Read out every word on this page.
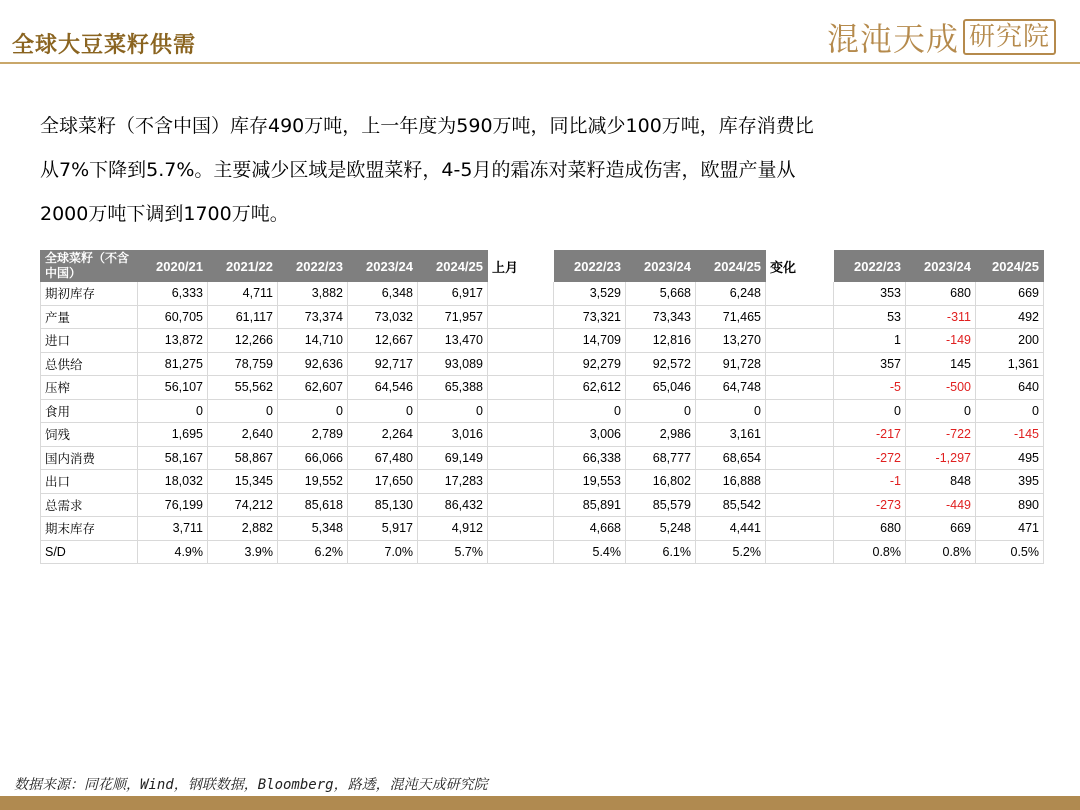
全球大豆菜籽供需	混沌天成 研究院
全球菜籽（不含中国）库存490万吨，上一年度为590万吨，同比减少100万吨，库存消费比
从7%下降到5.7%。主要减少区域是欧盟菜籽，4-5月的霜冻对菜籽造成伤害，欧盟产量从
2000万吨下调到1700万吨。
全球菜籽（不含中国）	2020/21	2021/22	2022/23	2023/24	2024/25	上月	2022/23	2023/24	2024/25	变化	2022/23	2023/24	2024/25
期初库存	6,333	4,711	3,882	6,348	6,917		3,529	5,668	6,248		353	680	669
产量	60,705	61,117	73,374	73,032	71,957		73,321	73,343	71,465		53	-311	492
进口	13,872	12,266	14,710	12,667	13,470		14,709	12,816	13,270		1	-149	200
总供给	81,275	78,759	92,636	92,717	93,089		92,279	92,572	91,728		357	145	1,361
压榨	56,107	55,562	62,607	64,546	65,388		62,612	65,046	64,748		-5	-500	640
食用	0	0	0	0	0		0	0	0		0	0	0
饲残	1,695	2,640	2,789	2,264	3,016		3,006	2,986	3,161		-217	-722	-145
国内消费	58,167	58,867	66,066	67,480	69,149		66,338	68,777	68,654		-272	-1,297	495
出口	18,032	15,345	19,552	17,650	17,283		19,553	16,802	16,888		-1	848	395
总需求	76,199	74,212	85,618	85,130	86,432		85,891	85,579	85,542		-273	-449	890
期末库存	3,711	2,882	5,348	5,917	4,912		4,668	5,248	4,441		680	669	471
S/D	4.9%	3.9%	6.2%	7.0%	5.7%		5.4%	6.1%	5.2%		0.8%	0.8%	0.5%
数据来源：同花顺，Wind，钢联数据，Bloomberg，路透，混沌天成研究院
